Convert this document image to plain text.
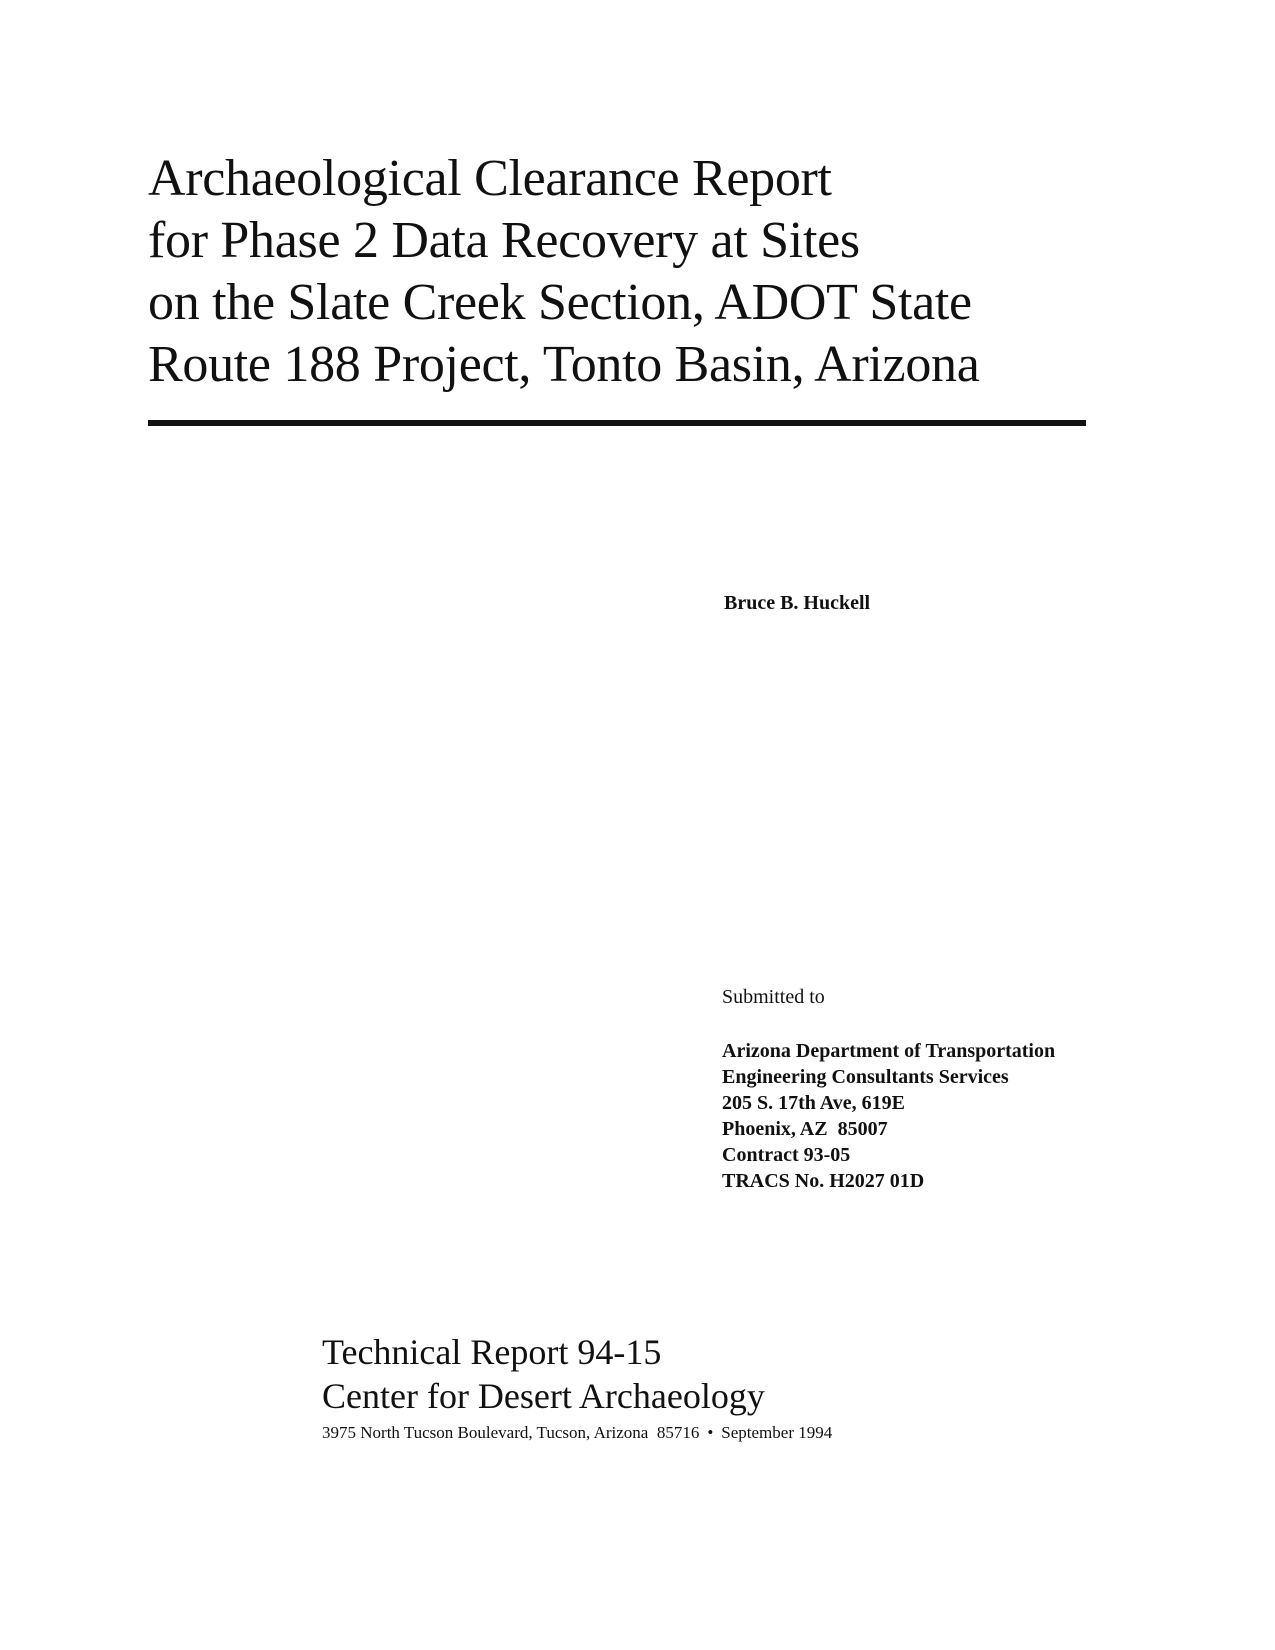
Archaeological Clearance Report
for Phase 2 Data Recovery at Sites
on the Slate Creek Section, ADOT State
Route 188 Project, Tonto Basin, Arizona
Bruce B. Huckell
Submitted to
Arizona Department of Transportation
Engineering Consultants Services
205 S. 17th Ave, 619E
Phoenix, AZ  85007
Contract 93-05
TRACS No. H2027 01D
Technical Report 94-15
Center for Desert Archaeology
3975 North Tucson Boulevard, Tucson, Arizona  85716 • September 1994
